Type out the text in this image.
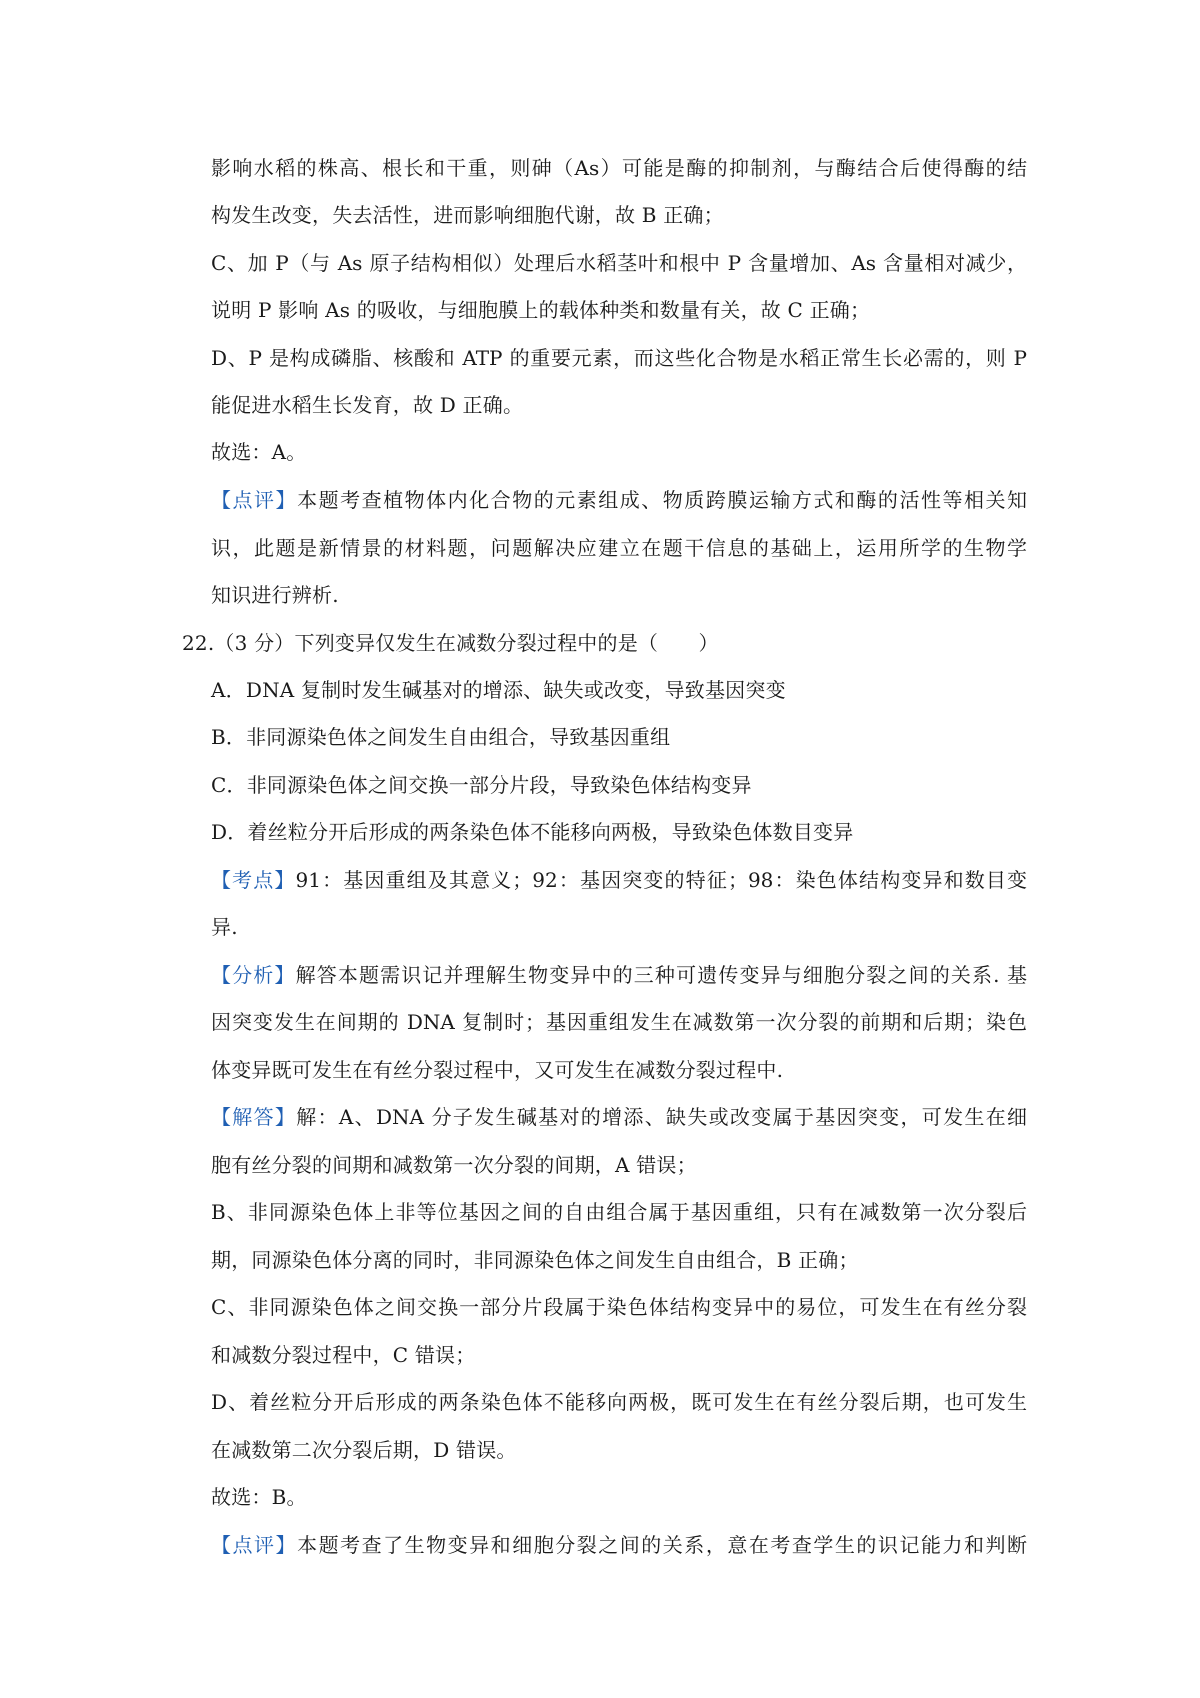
影响水稻的株高、根长和干重，则砷（As）可能是酶的抑制剂，与酶结合后使得酶的结
构发生改变，失去活性，进而影响细胞代谢，故 B 正确；
C、加 P（与 As 原子结构相似）处理后水稻茎叶和根中 P 含量增加、As 含量相对减少，
说明 P 影响 As 的吸收，与细胞膜上的载体种类和数量有关，故 C 正确；
D、P 是构成磷脂、核酸和 ATP 的重要元素，而这些化合物是水稻正常生长必需的，则 P
能促进水稻生长发育，故 D 正确。
故选：A。
【点评】本题考查植物体内化合物的元素组成、物质跨膜运输方式和酶的活性等相关知
识，此题是新情景的材料题，问题解决应建立在题干信息的基础上，运用所学的生物学
知识进行辨析.
22.（3 分）下列变异仅发生在减数分裂过程中的是（　　）
A．DNA 复制时发生碱基对的增添、缺失或改变，导致基因突变
B．非同源染色体之间发生自由组合，导致基因重组
C．非同源染色体之间交换一部分片段，导致染色体结构变异
D．着丝粒分开后形成的两条染色体不能移向两极，导致染色体数目变异
【考点】91：基因重组及其意义；92：基因突变的特征；98：染色体结构变异和数目变
异.
【分析】解答本题需识记并理解生物变异中的三种可遗传变异与细胞分裂之间的关系. 基
因突变发生在间期的 DNA 复制时；基因重组发生在减数第一次分裂的前期和后期；染色
体变异既可发生在有丝分裂过程中，又可发生在减数分裂过程中.
【解答】解：A、DNA 分子发生碱基对的增添、缺失或改变属于基因突变，可发生在细
胞有丝分裂的间期和减数第一次分裂的间期，A 错误；
B、非同源染色体上非等位基因之间的自由组合属于基因重组，只有在减数第一次分裂后
期，同源染色体分离的同时，非同源染色体之间发生自由组合，B 正确；
C、非同源染色体之间交换一部分片段属于染色体结构变异中的易位，可发生在有丝分裂
和减数分裂过程中，C 错误；
D、着丝粒分开后形成的两条染色体不能移向两极，既可发生在有丝分裂后期，也可发生
在减数第二次分裂后期，D 错误。
故选：B。
【点评】本题考查了生物变异和细胞分裂之间的关系，意在考查学生的识记能力和判断
